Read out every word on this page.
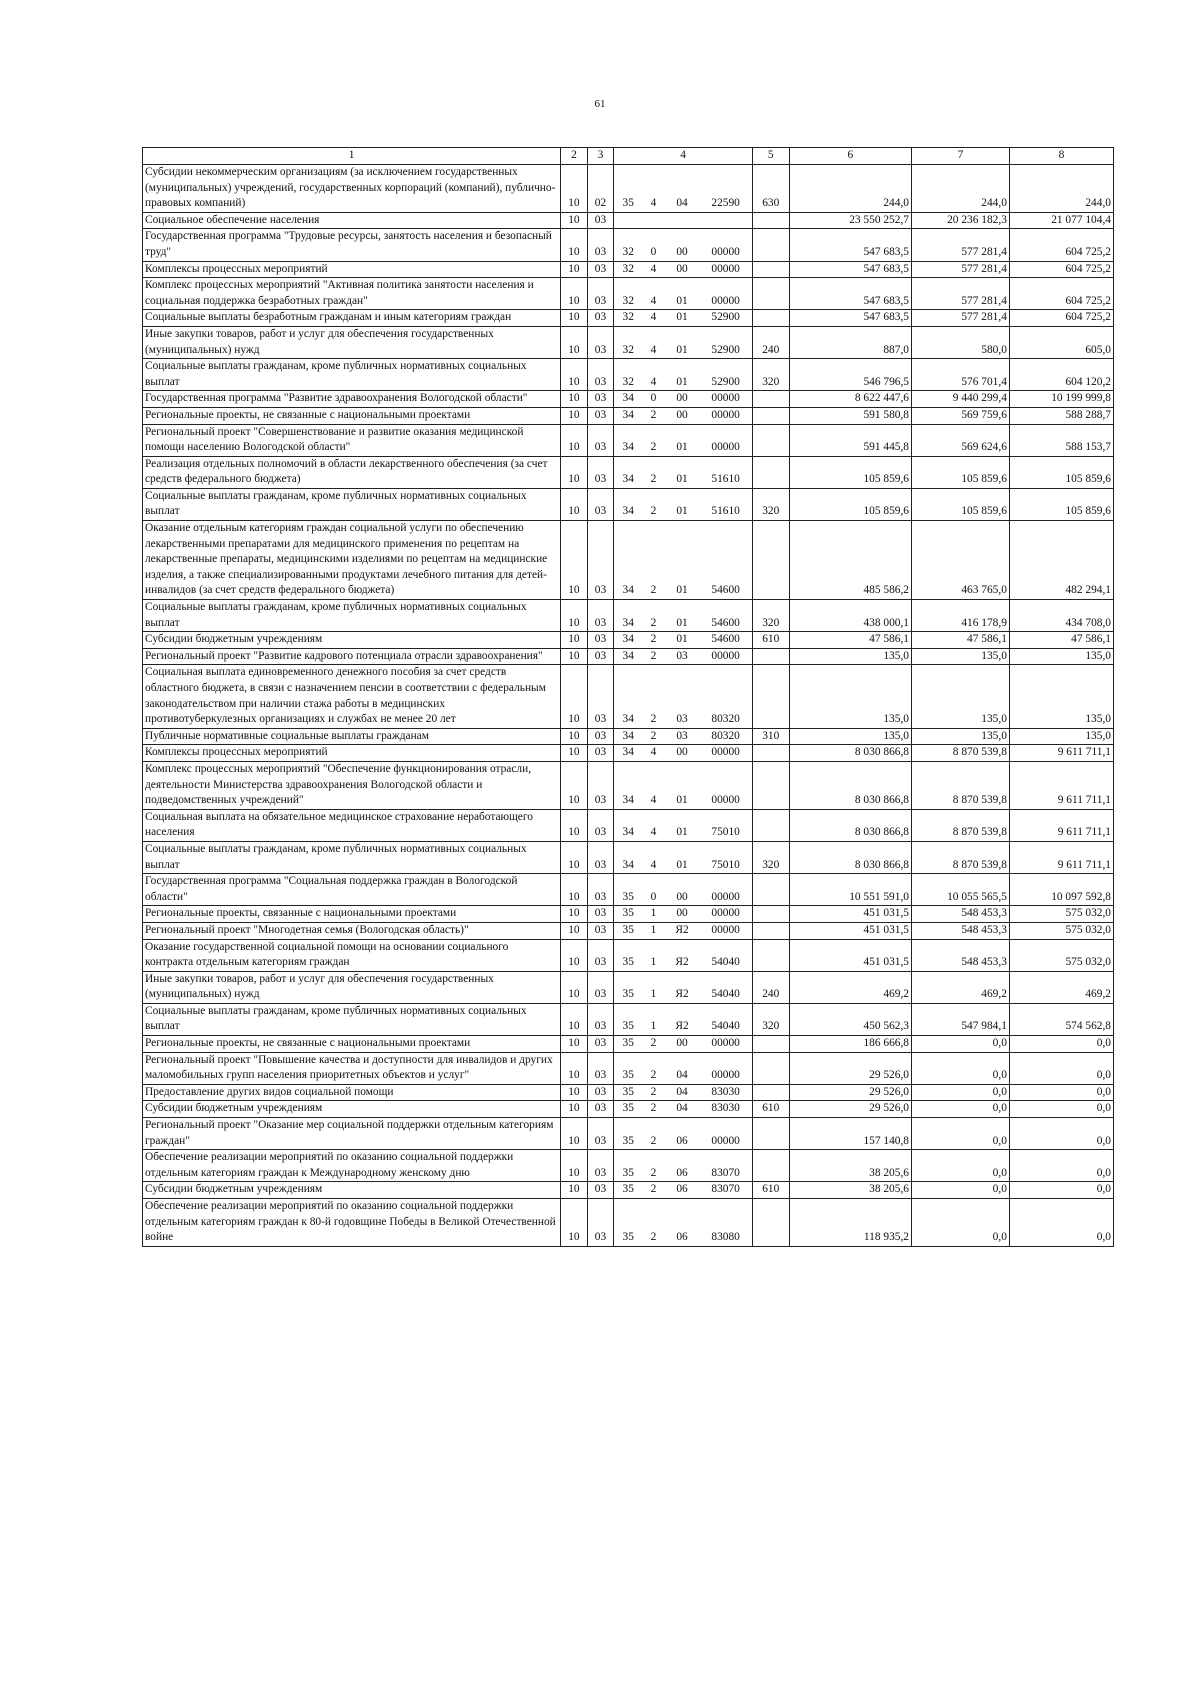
61
1	2	3	4				5	6	7	8
Субсидии некоммерческим организациям (за исключением государственных (муниципальных) учреждений, государственных корпораций (компаний), публично-правовых компаний)	10	02	35	4	04	22590	630	244,0	244,0	244,0
Социальное обеспечение населения	10	03						23 550 252,7	20 236 182,3	21 077 104,4
Государственная программа "Трудовые ресурсы, занятость населения и безопасный труд"	10	03	32	0	00	00000		547 683,5	577 281,4	604 725,2
Комплексы процессных мероприятий	10	03	32	4	00	00000		547 683,5	577 281,4	604 725,2
Комплекс процессных мероприятий "Активная политика занятости населения и социальная поддержка безработных граждан"	10	03	32	4	01	00000		547 683,5	577 281,4	604 725,2
Социальные выплаты безработным гражданам и иным категориям граждан	10	03	32	4	01	52900		547 683,5	577 281,4	604 725,2
Иные закупки товаров, работ и услуг для обеспечения государственных (муниципальных) нужд	10	03	32	4	01	52900	240	887,0	580,0	605,0
Социальные выплаты гражданам, кроме публичных нормативных социальных выплат	10	03	32	4	01	52900	320	546 796,5	576 701,4	604 120,2
Государственная программа "Развитие здравоохранения Вологодской области"	10	03	34	0	00	00000		8 622 447,6	9 440 299,4	10 199 999,8
Региональные проекты, не связанные с национальными проектами	10	03	34	2	00	00000		591 580,8	569 759,6	588 288,7
Региональный проект "Совершенствование и развитие оказания медицинской помощи населению Вологодской области"	10	03	34	2	01	00000		591 445,8	569 624,6	588 153,7
Реализация отдельных полномочий в области лекарственного обеспечения (за счет средств федерального бюджета)	10	03	34	2	01	51610		105 859,6	105 859,6	105 859,6
Социальные выплаты гражданам, кроме публичных нормативных социальных выплат	10	03	34	2	01	51610	320	105 859,6	105 859,6	105 859,6
Оказание отдельным категориям граждан социальной услуги по обеспечению лекарственными препаратами для медицинского применения по рецептам на лекарственные препараты, медицинскими изделиями по рецептам на медицинские изделия, а также специализированными продуктами лечебного питания для детей-инвалидов (за счет средств федерального бюджета)	10	03	34	2	01	54600		485 586,2	463 765,0	482 294,1
Социальные выплаты гражданам, кроме публичных нормативных социальных выплат	10	03	34	2	01	54600	320	438 000,1	416 178,9	434 708,0
Субсидии бюджетным учреждениям	10	03	34	2	01	54600	610	47 586,1	47 586,1	47 586,1
Региональный проект "Развитие кадрового потенциала отрасли здравоохранения"	10	03	34	2	03	00000		135,0	135,0	135,0
Социальная выплата единовременного денежного пособия за счет средств областного бюджета, в связи с назначением пенсии в соответствии с федеральным законодательством при наличии стажа работы в медицинских противотуберкулезных организациях и службах не менее 20 лет	10	03	34	2	03	80320		135,0	135,0	135,0
Публичные нормативные социальные выплаты гражданам	10	03	34	2	03	80320	310	135,0	135,0	135,0
Комплексы процессных мероприятий	10	03	34	4	00	00000		8 030 866,8	8 870 539,8	9 611 711,1
Комплекс процессных мероприятий "Обеспечение функционирования отрасли, деятельности Министерства здравоохранения Вологодской области и подведомственных учреждений"	10	03	34	4	01	00000		8 030 866,8	8 870 539,8	9 611 711,1
Социальная выплата на обязательное медицинское страхование неработающего населения	10	03	34	4	01	75010		8 030 866,8	8 870 539,8	9 611 711,1
Социальные выплаты гражданам, кроме публичных нормативных социальных выплат	10	03	34	4	01	75010	320	8 030 866,8	8 870 539,8	9 611 711,1
Государственная программа "Социальная поддержка граждан в Вологодской области"	10	03	35	0	00	00000		10 551 591,0	10 055 565,5	10 097 592,8
Региональные проекты, связанные с национальными проектами	10	03	35	1	00	00000		451 031,5	548 453,3	575 032,0
Региональный проект "Многодетная семья (Вологодская область)"	10	03	35	1	Я2	00000		451 031,5	548 453,3	575 032,0
Оказание государственной социальной помощи на основании социального контракта отдельным категориям граждан	10	03	35	1	Я2	54040		451 031,5	548 453,3	575 032,0
Иные закупки товаров, работ и услуг для обеспечения государственных (муниципальных) нужд	10	03	35	1	Я2	54040	240	469,2	469,2	469,2
Социальные выплаты гражданам, кроме публичных нормативных социальных выплат	10	03	35	1	Я2	54040	320	450 562,3	547 984,1	574 562,8
Региональные проекты, не связанные с национальными проектами	10	03	35	2	00	00000		186 666,8	0,0	0,0
Региональный проект "Повышение качества и доступности для инвалидов и других маломобильных групп населения приоритетных объектов и услуг"	10	03	35	2	04	00000		29 526,0	0,0	0,0
Предоставление других видов социальной помощи	10	03	35	2	04	83030		29 526,0	0,0	0,0
Субсидии бюджетным учреждениям	10	03	35	2	04	83030	610	29 526,0	0,0	0,0
Региональный проект "Оказание мер социальной поддержки отдельным категориям граждан"	10	03	35	2	06	00000		157 140,8	0,0	0,0
Обеспечение реализации мероприятий по оказанию социальной поддержки отдельным категориям граждан к Международному женскому дню	10	03	35	2	06	83070		38 205,6	0,0	0,0
Субсидии бюджетным учреждениям	10	03	35	2	06	83070	610	38 205,6	0,0	0,0
Обеспечение реализации мероприятий по оказанию социальной поддержки отдельным категориям граждан к 80-й годовщине Победы в Великой Отечественной войне	10	03	35	2	06	83080		118 935,2	0,0	0,0
